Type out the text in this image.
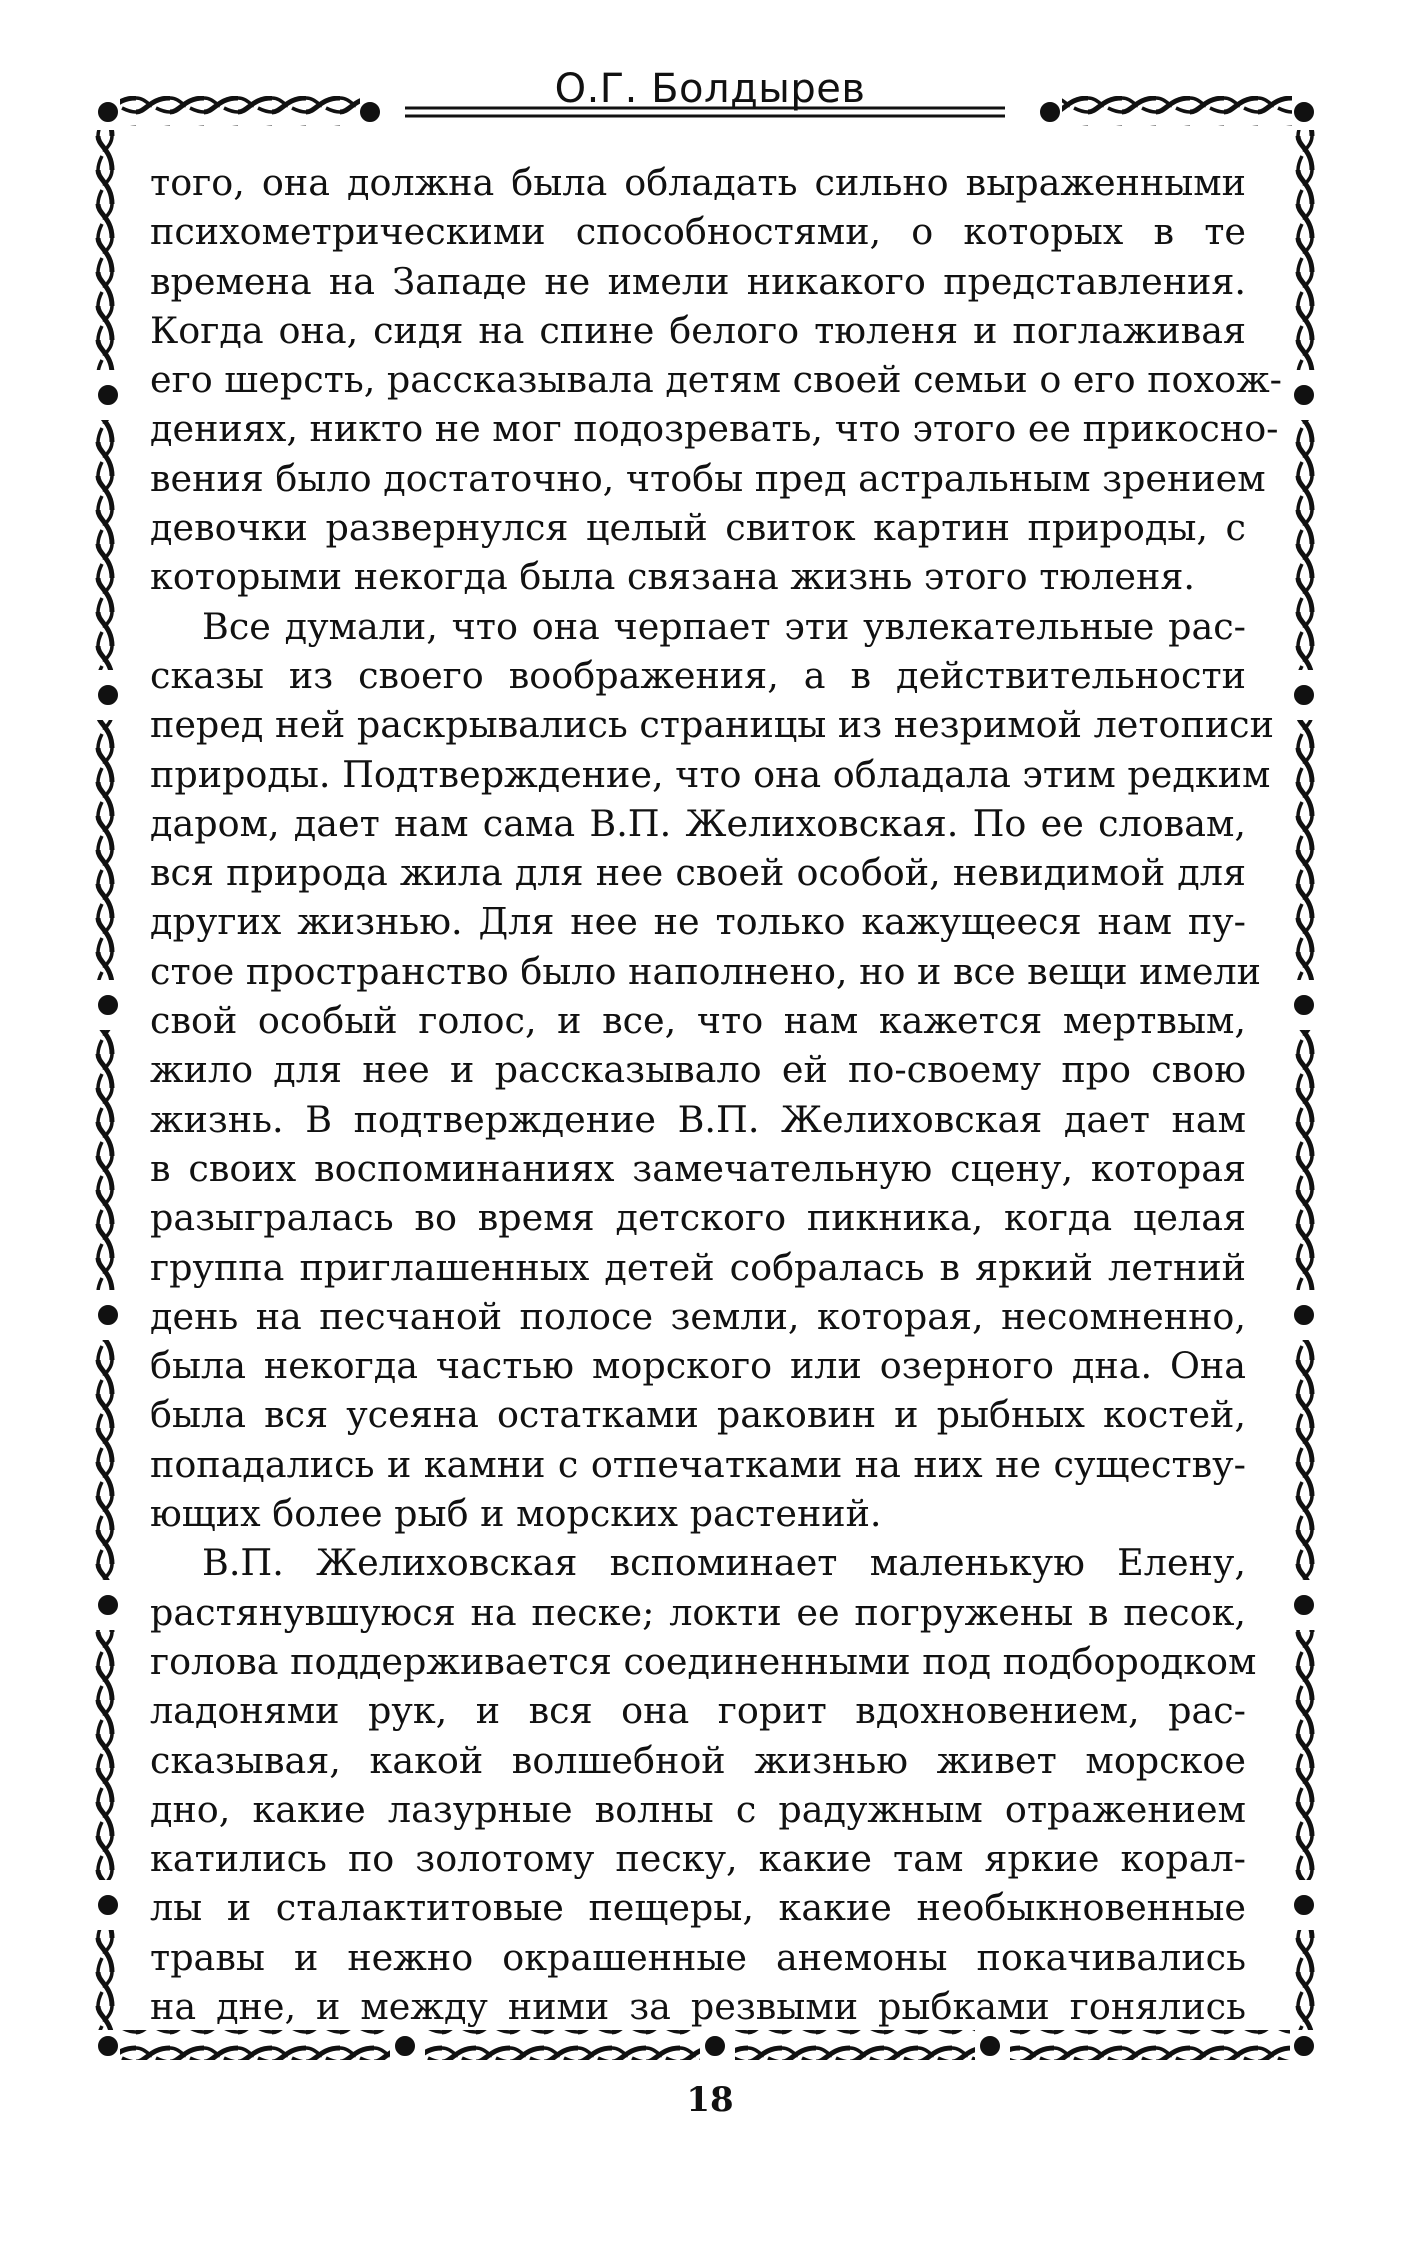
О.Г. Болдырев
того, она должна была обладать сильно выраженными
психометрическими способностями, о которых в те
времена на Западе не имели никакого представления.
Когда она, сидя на спине белого тюленя и поглаживая
его шерсть, рассказывала детям своей семьи о его похож-
дениях, никто не мог подозревать, что этого ее прикосно-
вения было достаточно, чтобы пред астральным зрением
девочки развернулся целый свиток картин природы, с
которыми некогда была связана жизнь этого тюленя.
Все думали, что она черпает эти увлекательные рас-
сказы из своего воображения, а в действительности
перед ней раскрывались страницы из незримой летописи
природы. Подтверждение, что она обладала этим редким
даром, дает нам сама В.П. Желиховская. По ее словам,
вся природа жила для нее своей особой, невидимой для
других жизнью. Для нее не только кажущееся нам пу-
стое пространство было наполнено, но и все вещи имели
свой особый голос, и все, что нам кажется мертвым,
жило для нее и рассказывало ей по-своему про свою
жизнь. В подтверждение В.П. Желиховская дает нам
в своих воспоминаниях замечательную сцену, которая
разыгралась во время детского пикника, когда целая
группа приглашенных детей собралась в яркий летний
день на песчаной полосе земли, которая, несомненно,
была некогда частью морского или озерного дна. Она
была вся усеяна остатками раковин и рыбных костей,
попадались и камни с отпечатками на них не существу-
ющих более рыб и морских растений.
В.П. Желиховская вспоминает маленькую Елену,
растянувшуюся на песке; локти ее погружены в песок,
голова поддерживается соединенными под подбородком
ладонями рук, и вся она горит вдохновением, рас-
сказывая, какой волшебной жизнью живет морское
дно, какие лазурные волны с радужным отражением
катились по золотому песку, какие там яркие корал-
лы и сталактитовые пещеры, какие необыкновенные
травы и нежно окрашенные анемоны покачивались
на дне, и между ними за резвыми рыбками гонялись
18
